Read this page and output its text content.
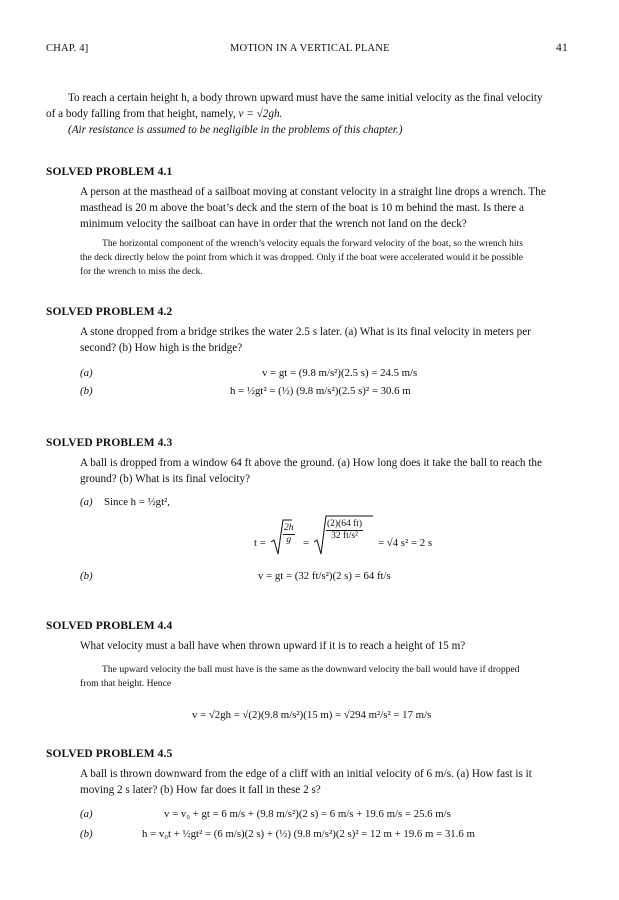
CHAP. 4]	MOTION IN A VERTICAL PLANE	41
To reach a certain height h, a body thrown upward must have the same initial velocity as the final velocity
of a body falling from that height, namely, v = √2gh.
(Air resistance is assumed to be negligible in the problems of this chapter.)
SOLVED PROBLEM 4.1
A person at the masthead of a sailboat moving at constant velocity in a straight line drops a wrench. The
masthead is 20 m above the boat’s deck and the stern of the boat is 10 m behind the mast. Is there a
minimum velocity the sailboat can have in order that the wrench not land on the deck?
The horizontal component of the wrench’s velocity equals the forward velocity of the boat, so the wrench hits
the deck directly below the point from which it was dropped. Only if the boat were accelerated would it be possible
for the wrench to miss the deck.
SOLVED PROBLEM 4.2
A stone dropped from a bridge strikes the water 2.5 s later. (a) What is its final velocity in meters per
second? (b) How high is the bridge?
(a)	v = gt = (9.8 m/s²)(2.5 s) = 24.5 m/s
(b)	h = ½gt² = (½) (9.8 m/s²)(2.5 s)² = 30.6 m
SOLVED PROBLEM 4.3
A ball is dropped from a window 64 ft above the ground. (a) How long does it take the ball to reach the
ground? (b) What is its final velocity?
(a) Since h = ½gt²,
$t = \frac{2h}{g}$ =
$\frac{(2)(64 ft)}{\text{32 ft/s²}}$
= √4 s² = 2 s
(b)	v = gt = (32 ft/s²)(2 s) = 64 ft/s
SOLVED PROBLEM 4.4
What velocity must a ball have when thrown upward if it is to reach a height of 15 m?
The upward velocity the ball must have is the same as the downward velocity the ball would have if dropped
from that height. Hence
v = √2gh = √(2)(9.8 m/s²)(15 m) = √294 m²/s² = 17 m/s
SOLVED PROBLEM 4.5
A ball is thrown downward from the edge of a cliff with an initial velocity of 6 m/s. (a) How fast is it
moving 2 s later? (b) How far does it fall in these 2 s?
(a)	v = v₀ + gt = 6 m/s + (9.8 m/s²)(2 s) = 6 m/s + 19.6 m/s = 25.6 m/s
(b)	h = v₀t + ½gt² = (6 m/s)(2 s) + (½) (9.8 m/s²)(2 s)² = 12 m + 19.6 m = 31.6 m
